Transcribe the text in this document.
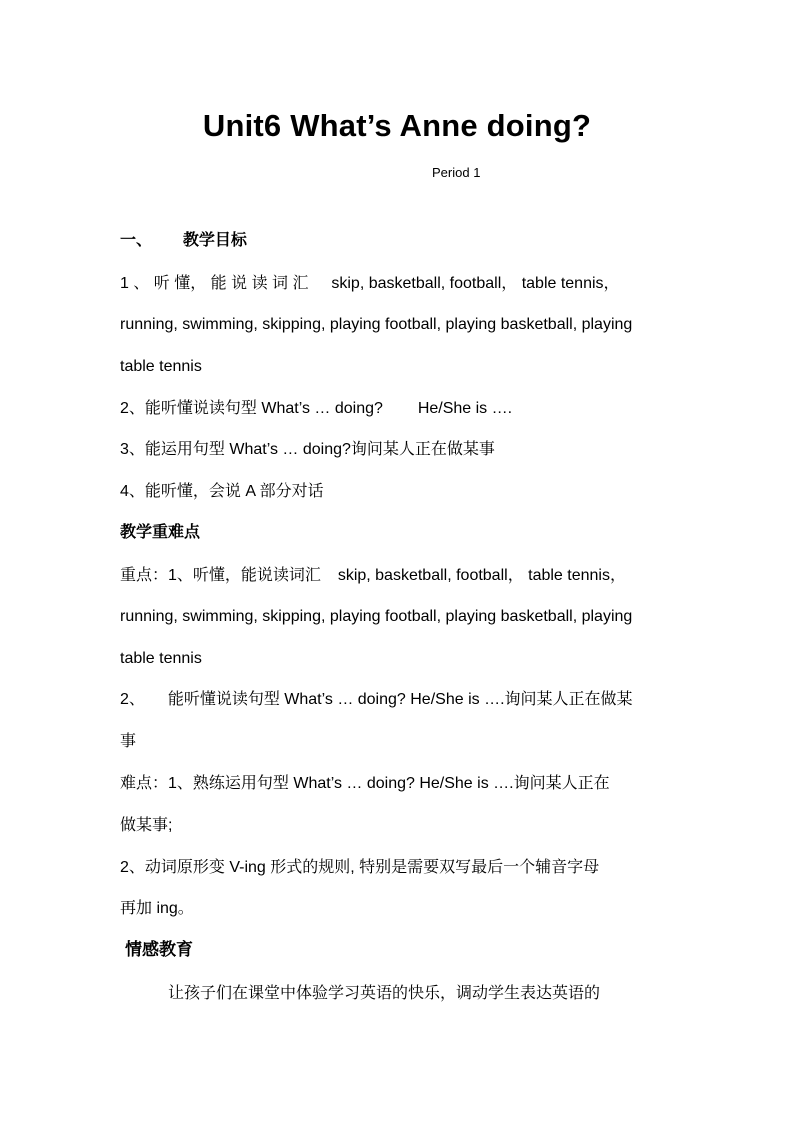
Unit6 What’s Anne doing?
Period 1
一、 教学目标
1 、 听 懂， 能 说 读 词 汇 skip, basketball, football， table tennis，
running, swimming, skipping, playing football, playing basketball, playing
table tennis
2、能听懂说读句型 What’s … doing? He/She is ….
3、能运用句型 What’s … doing?询问某人正在做某事
4、能听懂，会说 A 部分对话
教学重难点
重点：1、听懂，能说读词汇 skip, basketball, football， table tennis，
running, swimming, skipping, playing football, playing basketball, playing
table tennis
2、 能听懂说读句型 What’s … doing? He/She is ….询问某人正在做某
事
难点：1、熟练运用句型 What’s … doing? He/She is ….询问某人正在
做某事;
2、动词原形变 V-ing 形式的规则, 特别是需要双写最后一个辅音字母
再加 ing。
情感教育
让孩子们在课堂中体验学习英语的快乐，调动学生表达英语的
